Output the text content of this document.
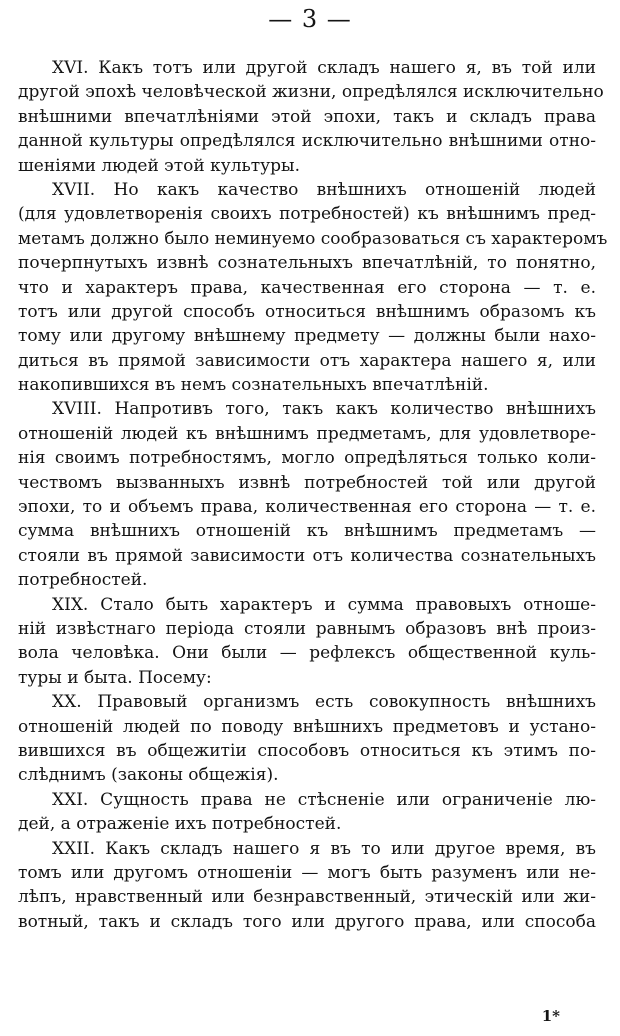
— 3 —
XVI. Какъ тотъ или другой складъ нашего я, въ той или
другой эпохѣ человѣческой жизни, опредѣлялся исключительно
внѣшними впечатлѣніями этой эпохи, такъ и складъ права
данной культуры опредѣлялся исключительно внѣшними отно-
шеніями людей этой культуры.
XVII. Но какъ качество внѣшнихъ отношеній людей
(для удовлетворенія своихъ потребностей) къ внѣшнимъ пред-
метамъ должно было неминуемо сообразоваться съ характеромъ
почерпнутыхъ извнѣ сознательныхъ впечатлѣній, то понятно,
что и характеръ права, качественная его сторона — т. е.
тотъ или другой способъ относиться внѣшнимъ образомъ къ
тому или другому внѣшнему предмету — должны были нахо-
диться въ прямой зависимости отъ характера нашего я, или
накопившихся въ немъ сознательныхъ впечатлѣній.
XVIII. Напротивъ того, такъ какъ количество внѣшнихъ
отношеній людей къ внѣшнимъ предметамъ, для удовлетворе-
нія своимъ потребностямъ, могло опредѣляться только коли-
чествомъ вызванныхъ извнѣ потребностей той или другой
эпохи, то и объемъ права, количественная его сторона — т. е.
сумма внѣшнихъ отношеній къ внѣшнимъ предметамъ —
стояли въ прямой зависимости отъ количества сознательныхъ
потребностей.
XIX. Стало быть характеръ и сумма правовыхъ отноше-
ній извѣстнаго періода стояли равнымъ образовъ внѣ произ-
вола человѣка. Они были — рефлексъ общественной куль-
туры и быта. Посему:
XX. Правовый организмъ есть совокупность внѣшнихъ
отношеній людей по поводу внѣшнихъ предметовъ и устано-
вившихся въ общежитіи способовъ относиться къ этимъ по-
слѣднимъ (законы общежія).
XXI. Сущность права не стѣсненіе или ограниченіе лю-
дей, а отраженіе ихъ потребностей.
XXII. Какъ складъ нашего я въ то или другое время, въ
томъ или другомъ отношеніи — могъ быть разуменъ или не-
лѣпъ, нравственный или безнравственный, этическій или жи-
вотный, такъ и складъ того или другого права, или способа
1*
